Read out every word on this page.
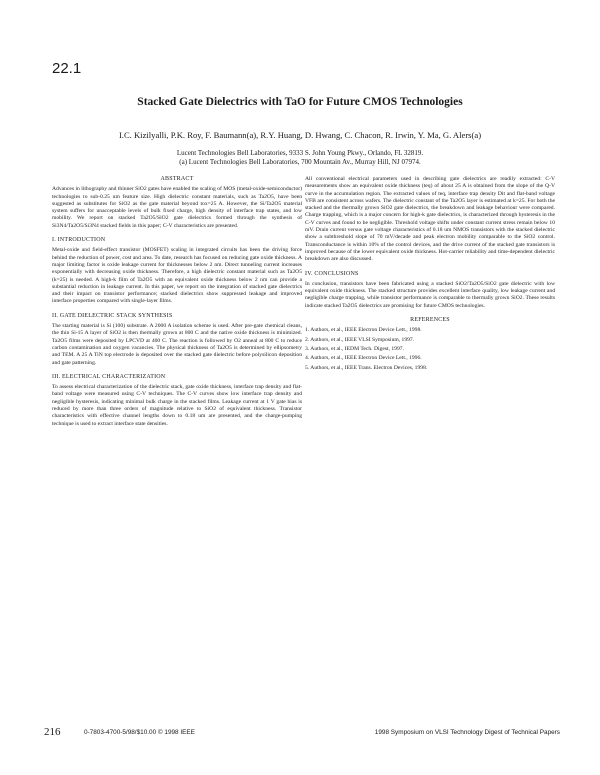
22.1
Stacked Gate Dielectrics with TaO for Future CMOS Technologies
I.C. Kizilyalli, P.K. Roy, F. Baumann(a), R.Y. Huang, D. Hwang, C. Chacon, R. Irwin, Y. Ma, G. Alers(a)
Lucent Technologies Bell Laboratories, 9333 S. John Young Pkwy., Orlando, FL 32819.
(a) Lucent Technologies Bell Laboratories, 700 Mountain Av., Murray Hill, NJ 07974.
ABSTRACT

Advances in lithography and thinner SiO2 gates have enabled the scaling of MOS (metal-oxide-semiconductor) technologies to sub-0.25 um feature size. High dielectric constant materials, such as Ta2O5, have been suggested as substitutes for SiO2 as the gate material beyond tox=25 A. However, the Si/Ta2O5 material system suffers for unacceptable levels of bulk fixed charge, high density of interface trap states, and low mobility. We report on stacked Ta2O5/SiO2 gate dielectrics formed through the synthesis of Si3N4/Ta2O5/Si3N4 stacked fields in this paper; C-V characteristics are presented.

I. INTRODUCTION

Metal-oxide and field-effect transistor (MOSFET) scaling in integrated circuits has been the driving force behind the reduction of power, cost and area. To date, research has focused on reducing gate oxide thickness. A major limiting factor is oxide leakage current for thicknesses below 2 nm. Direct tunneling current increases exponentially with decreasing oxide thickness. Therefore, a high dielectric constant material such as Ta2O5 (k=25) is needed. A high-k film of Ta2O5 with an equivalent oxide thickness below 2 nm can provide a substantial reduction in leakage current. In this paper, we report on the integration of stacked gate dielectrics and their impact on transistor performance; stacked dielectrics show suppressed leakage and improved interface properties compared with single-layer films.

II. GATE DIELECTRIC STACK SYNTHESIS

The starting material is Si (100) substrate. A 2000 A isolation scheme is used. After pre-gate chemical cleans, the thin Si-15 A layer of SiO2 is then thermally grown at 800 C and the native oxide thickness is minimized. Ta2O5 films were deposited by LPCVD at 400 C. The reaction is followed by O2 anneal at 800 C to reduce carbon contamination and oxygen vacancies. The physical thickness of Ta2O5 is determined by ellipsometry and TEM. A 25 A TiN top electrode is deposited over the stacked gate dielectric before polysilicon deposition and gate patterning.

III. ELECTRICAL CHARACTERIZATION

To assess electrical characterization of the dielectric stack, gate oxide thickness, interface trap density and flat-band voltage were measured using C-V techniques. The C-V curves show low interface trap density and negligible hysteresis, indicating minimal bulk charge in the stacked films. Leakage current at 1 V gate bias is reduced by more than three orders of magnitude relative to SiO2 of equivalent thickness. Transistor characteristics with effective channel lengths down to 0.18 um are presented, and the charge-pumping technique is used to extract interface state densities.

All conventional electrical parameters used in describing gate dielectrics are readily extracted: C-V measurements show an equivalent oxide thickness (teq) of about 25 A is obtained from the slope of the Q-V curve in the accumulation region. The extracted values of teq, interface trap density Dit and flat-band voltage VFB are consistent across wafers. The dielectric constant of the Ta2O5 layer is estimated at k=25. For both the stacked and the thermally grown SiO2 gate dielectrics, the breakdown and leakage behaviour were compared. Charge trapping, which is a major concern for high-k gate dielectrics, is characterized through hysteresis in the C-V curves and found to be negligible. Threshold voltage shifts under constant current stress remain below 10 mV. Drain current versus gate voltage characteristics of 0.18 um NMOS transistors with the stacked dielectric show a subthreshold slope of 70 mV/decade and peak electron mobility comparable to the SiO2 control. Transconductance is within 10% of the control devices, and the drive current of the stacked gate transistors is improved because of the lower equivalent oxide thickness. Hot-carrier reliability and time-dependent dielectric breakdown are also discussed.

IV. CONCLUSIONS

In conclusion, transistors have been fabricated using a stacked SiO2/Ta2O5/SiO2 gate dielectric with low equivalent oxide thickness. The stacked structure provides excellent interface quality, low leakage current and negligible charge trapping, while transistor performance is comparable to thermally grown SiO2. These results indicate stacked Ta2O5 dielectrics are promising for future CMOS technologies.

REFERENCES
1. Authors, et al., IEEE Electron Device Lett., 1998.
2. Authors, et al., IEEE VLSI Symposium, 1997.
3. Authors, et al., IEDM Tech. Digest, 1997.
4. Authors, et al., IEEE Electron Device Lett., 1996.
5. Authors, et al., IEEE Trans. Electron Devices, 1998.
216	0-7803-4700-5/98/$10.00 © 1998 IEEE	1998 Symposium on VLSI Technology Digest of Technical Papers
